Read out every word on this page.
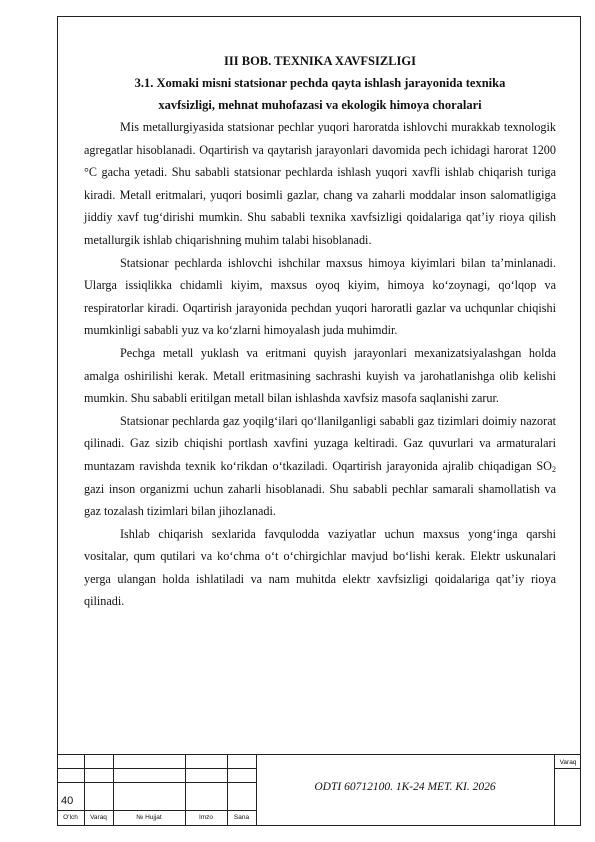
III BOB. TEXNIKA XAVFSIZLIGI
3.1. Xomaki misni statsionar pechda qayta ishlash jarayonida texnika
xavfsizligi, mehnat muhofazasi va ekologik himoya choralari

Mis metallurgiyasida statsionar pechlar yuqori haroratda ishlovchi murakkab texnologik agregatlar hisoblanadi. Oqartirish va qaytarish jarayonlari davomida pech ichidagi harorat 1200 °C gacha yetadi. Shu sababli statsionar pechlarda ishlash yuqori xavfli ishlab chiqarish turiga kiradi. Metall eritmalari, yuqori bosimli gazlar, chang va zaharli moddalar inson salomatligiga jiddiy xavf tug‘dirishi mumkin. Shu sababli texnika xavfsizligi qoidalariga qat’iy rioya qilish metallurgik ishlab chiqarishning muhim talabi hisoblanadi.

Statsionar pechlarda ishlovchi ishchilar maxsus himoya kiyimlari bilan ta’minlanadi. Ularga issiqlikka chidamli kiyim, maxsus oyoq kiyim, himoya ko‘zoynagi, qo‘lqop va respiratorlar kiradi. Oqartirish jarayonida pechdan yuqori haroratli gazlar va uchqunlar chiqishi mumkinligi sababli yuz va ko‘zlarni himoyalash juda muhimdir.

Pechga metall yuklash va eritmani quyish jarayonlari mexanizatsiyalashgan holda amalga oshirilishi kerak. Metall eritmasining sachrashi kuyish va jarohatlanishga olib kelishi mumkin. Shu sababli eritilgan metall bilan ishlashda xavfsiz masofa saqlanishi zarur.

Statsionar pechlarda gaz yoqilg‘ilari qo‘llanilganligi sababli gaz tizimlari doimiy nazorat qilinadi. Gaz sizib chiqishi portlash xavfini yuzaga keltiradi. Gaz quvurlari va armaturalari muntazam ravishda texnik ko‘rikdan o‘tkaziladi. Oqartirish jarayonida ajralib chiqadigan $SO_2$ gazi inson organizmi uchun zaharli hisoblanadi. Shu sababli pechlar samarali shamollatish va gaz tozalash tizimlari bilan jihozlanadi.

Ishlab chiqarish sexlarida favqulodda vaziyatlar uchun maxsus yong‘inga qarshi vositalar, qum qutilari va ko‘chma o‘t o‘chirgichlar mavjud bo‘lishi kerak. Elektr uskunalari yerga ulangan holda ishlatiladi va nam muhitda elektr xavfsizligi qoidalariga qat’iy rioya qilinadi.

Varaq
40
ODTI 60712100. 1K-24 MET. KI. 2026
O‘lch	Varaq	№ Hujjat	Imzo	Sana
